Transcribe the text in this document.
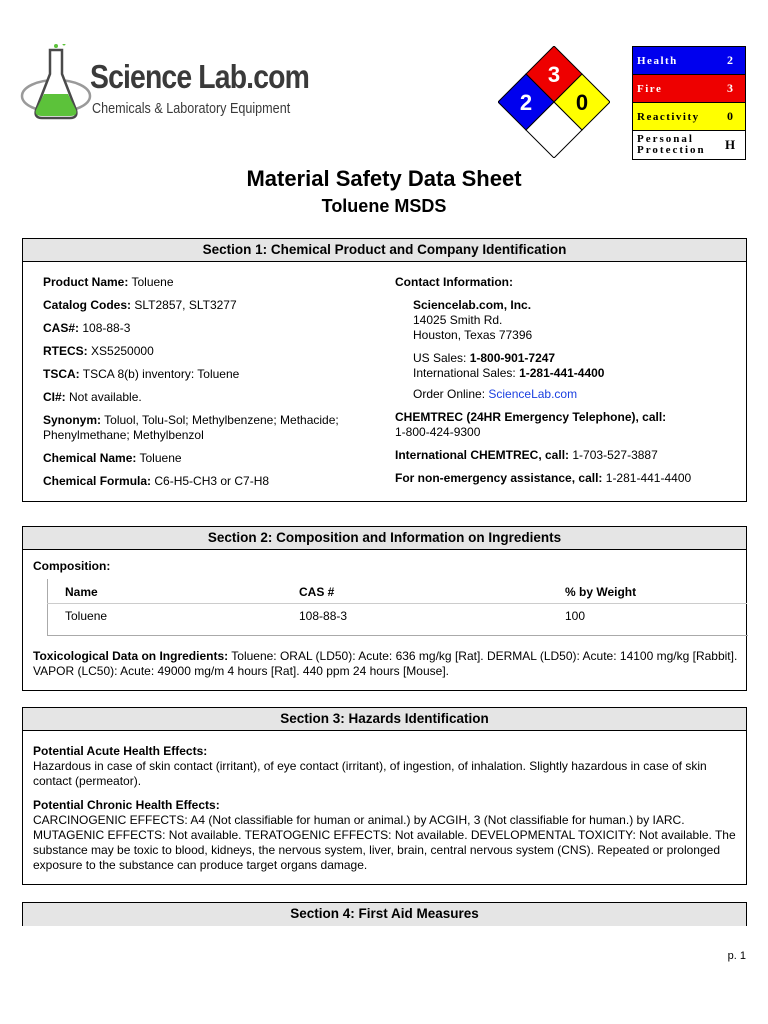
Science Lab.com
Chemicals & Laboratory Equipment
3
2 0
Health	2
Fire	3
Reactivity	0
Personal Protection	H
Material Safety Data Sheet
Toluene MSDS
Section 1: Chemical Product and Company Identification
Product Name: Toluene
Catalog Codes: SLT2857, SLT3277
CAS#: 108-88-3
RTECS: XS5250000
TSCA: TSCA 8(b) inventory: Toluene
CI#: Not available.
Synonym: Toluol, Tolu-Sol; Methylbenzene; Methacide; Phenylmethane; Methylbenzol
Chemical Name: Toluene
Chemical Formula: C6-H5-CH3 or C7-H8
Contact Information:
Sciencelab.com, Inc.
14025 Smith Rd.
Houston, Texas 77396
US Sales: 1-800-901-7247
International Sales: 1-281-441-4400
Order Online: ScienceLab.com
CHEMTREC (24HR Emergency Telephone), call:
1-800-424-9300
International CHEMTREC, call: 1-703-527-3887
For non-emergency assistance, call: 1-281-441-4400
Section 2: Composition and Information on Ingredients
Composition:
Name	CAS #	% by Weight
Toluene	108-88-3	100
Toxicological Data on Ingredients: Toluene: ORAL (LD50): Acute: 636 mg/kg [Rat]. DERMAL (LD50): Acute: 14100 mg/kg [Rabbit]. VAPOR (LC50): Acute: 49000 mg/m 4 hours [Rat]. 440 ppm 24 hours [Mouse].
Section 3: Hazards Identification
Potential Acute Health Effects:
Hazardous in case of skin contact (irritant), of eye contact (irritant), of ingestion, of inhalation. Slightly hazardous in case of skin contact (permeator).
Potential Chronic Health Effects:
CARCINOGENIC EFFECTS: A4 (Not classifiable for human or animal.) by ACGIH, 3 (Not classifiable for human.) by IARC. MUTAGENIC EFFECTS: Not available. TERATOGENIC EFFECTS: Not available. DEVELOPMENTAL TOXICITY: Not available. The substance may be toxic to blood, kidneys, the nervous system, liver, brain, central nervous system (CNS). Repeated or prolonged exposure to the substance can produce target organs damage.
Section 4: First Aid Measures
p. 1
